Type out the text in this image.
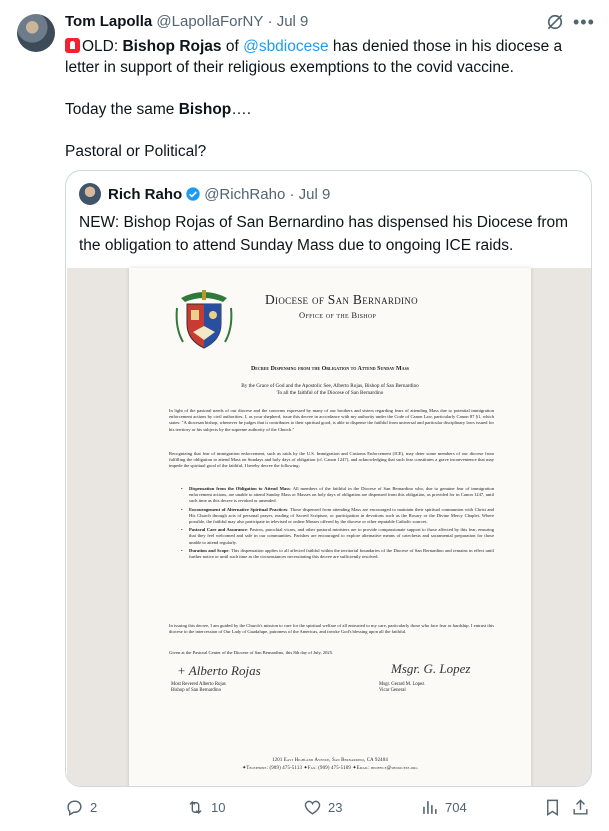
Tom Lapolla @LapollaForNY · Jul 9	•••

OLD: Bishop Rojas of @sbdiocese has denied those in his diocese a letter in support of their religious exemptions to the covid vaccine.

Today the same Bishop….

Pastoral or Political?

Rich Raho @RichRaho · Jul 9
NEW: Bishop Rojas of San Bernardino has dispensed his Diocese from the obligation to attend Sunday Mass due to ongoing ICE raids.
Diocese of San Bernardino
Office of the Bishop
Decree Dispensing from the Obligation to Attend Sunday Mass
By the Grace of God and the Apostolic See, Alberto Rojas, Bishop of San Bernardino
To all the faithful of the Diocese of San Bernardino
In light of the pastoral needs of our diocese and the concerns expressed by many of our brothers and sisters regarding fears of attending Mass due to potential immigration enforcement actions by civil authorities, I, as your shepherd, issue this decree in accordance with my authority under the Code of Canon Law, particularly Canon 87 §1, which states: "A diocesan bishop, whenever he judges that it contributes to their spiritual good, is able to dispense the faithful from universal and particular disciplinary laws issued for his territory or his subjects by the supreme authority of the Church."
Recognizing that fear of immigration enforcement, such as raids by the U.S. Immigration and Customs Enforcement (ICE), may deter some members of our diocese from fulfilling the obligation to attend Mass on Sundays and holy days of obligation (cf. Canon 1247), and acknowledging that such fear constitutes a grave inconvenience that may impede the spiritual good of the faithful, I hereby decree the following:
• Dispensation from the Obligation to Attend Mass: All members of the faithful in the Diocese of San Bernardino who, due to genuine fear of immigration enforcement actions, are unable to attend Sunday Mass or Masses on holy days of obligation are dispensed from this obligation, as provided for in Canon 1247, until such time as this decree is revoked or amended.
• Encouragement of Alternative Spiritual Practices: Those dispensed from attending Mass are encouraged to maintain their spiritual communion with Christ and His Church through acts of personal prayer, reading of Sacred Scripture, or participation in devotions such as the Rosary or the Divine Mercy Chaplet. Where possible, the faithful may also participate in televised or online Masses offered by the diocese or other reputable Catholic sources.
• Pastoral Care and Assurance: Pastors, parochial vicars, and other pastoral ministers are to provide compassionate support to those affected by this fear, ensuring that they feel welcomed and safe in our communities. Parishes are encouraged to explore alternative means of catechesis and sacramental preparation for those unable to attend regularly.
• Duration and Scope: This dispensation applies to all affected faithful within the territorial boundaries of the Diocese of San Bernardino and remains in effect until further notice or until such time as the circumstances necessitating this decree are sufficiently resolved.
In issuing this decree, I am guided by the Church's mission to care for the spiritual welfare of all entrusted to my care, particularly those who face fear or hardship. I entrust this diocese to the intercession of Our Lady of Guadalupe, patroness of the Americas, and invoke God's blessing upon all the faithful.
Given at the Pastoral Center of the Diocese of San Bernardino, this 8th day of July, 2025.
+ Alberto Rojas
Most Revered Alberto Rojas
Bishop of San Bernardino
Msgr. G. Lopez
Msgr. Gerard M. Lopez
Vicar General
1201 East Highland Avenue, San Bernardino, CA 92404
✦Telephone: (909) 475-5113 ✦Fax: (909) 475-5109 ✦Email: bpoffice@sbdiocese.org
2	10	23	704
